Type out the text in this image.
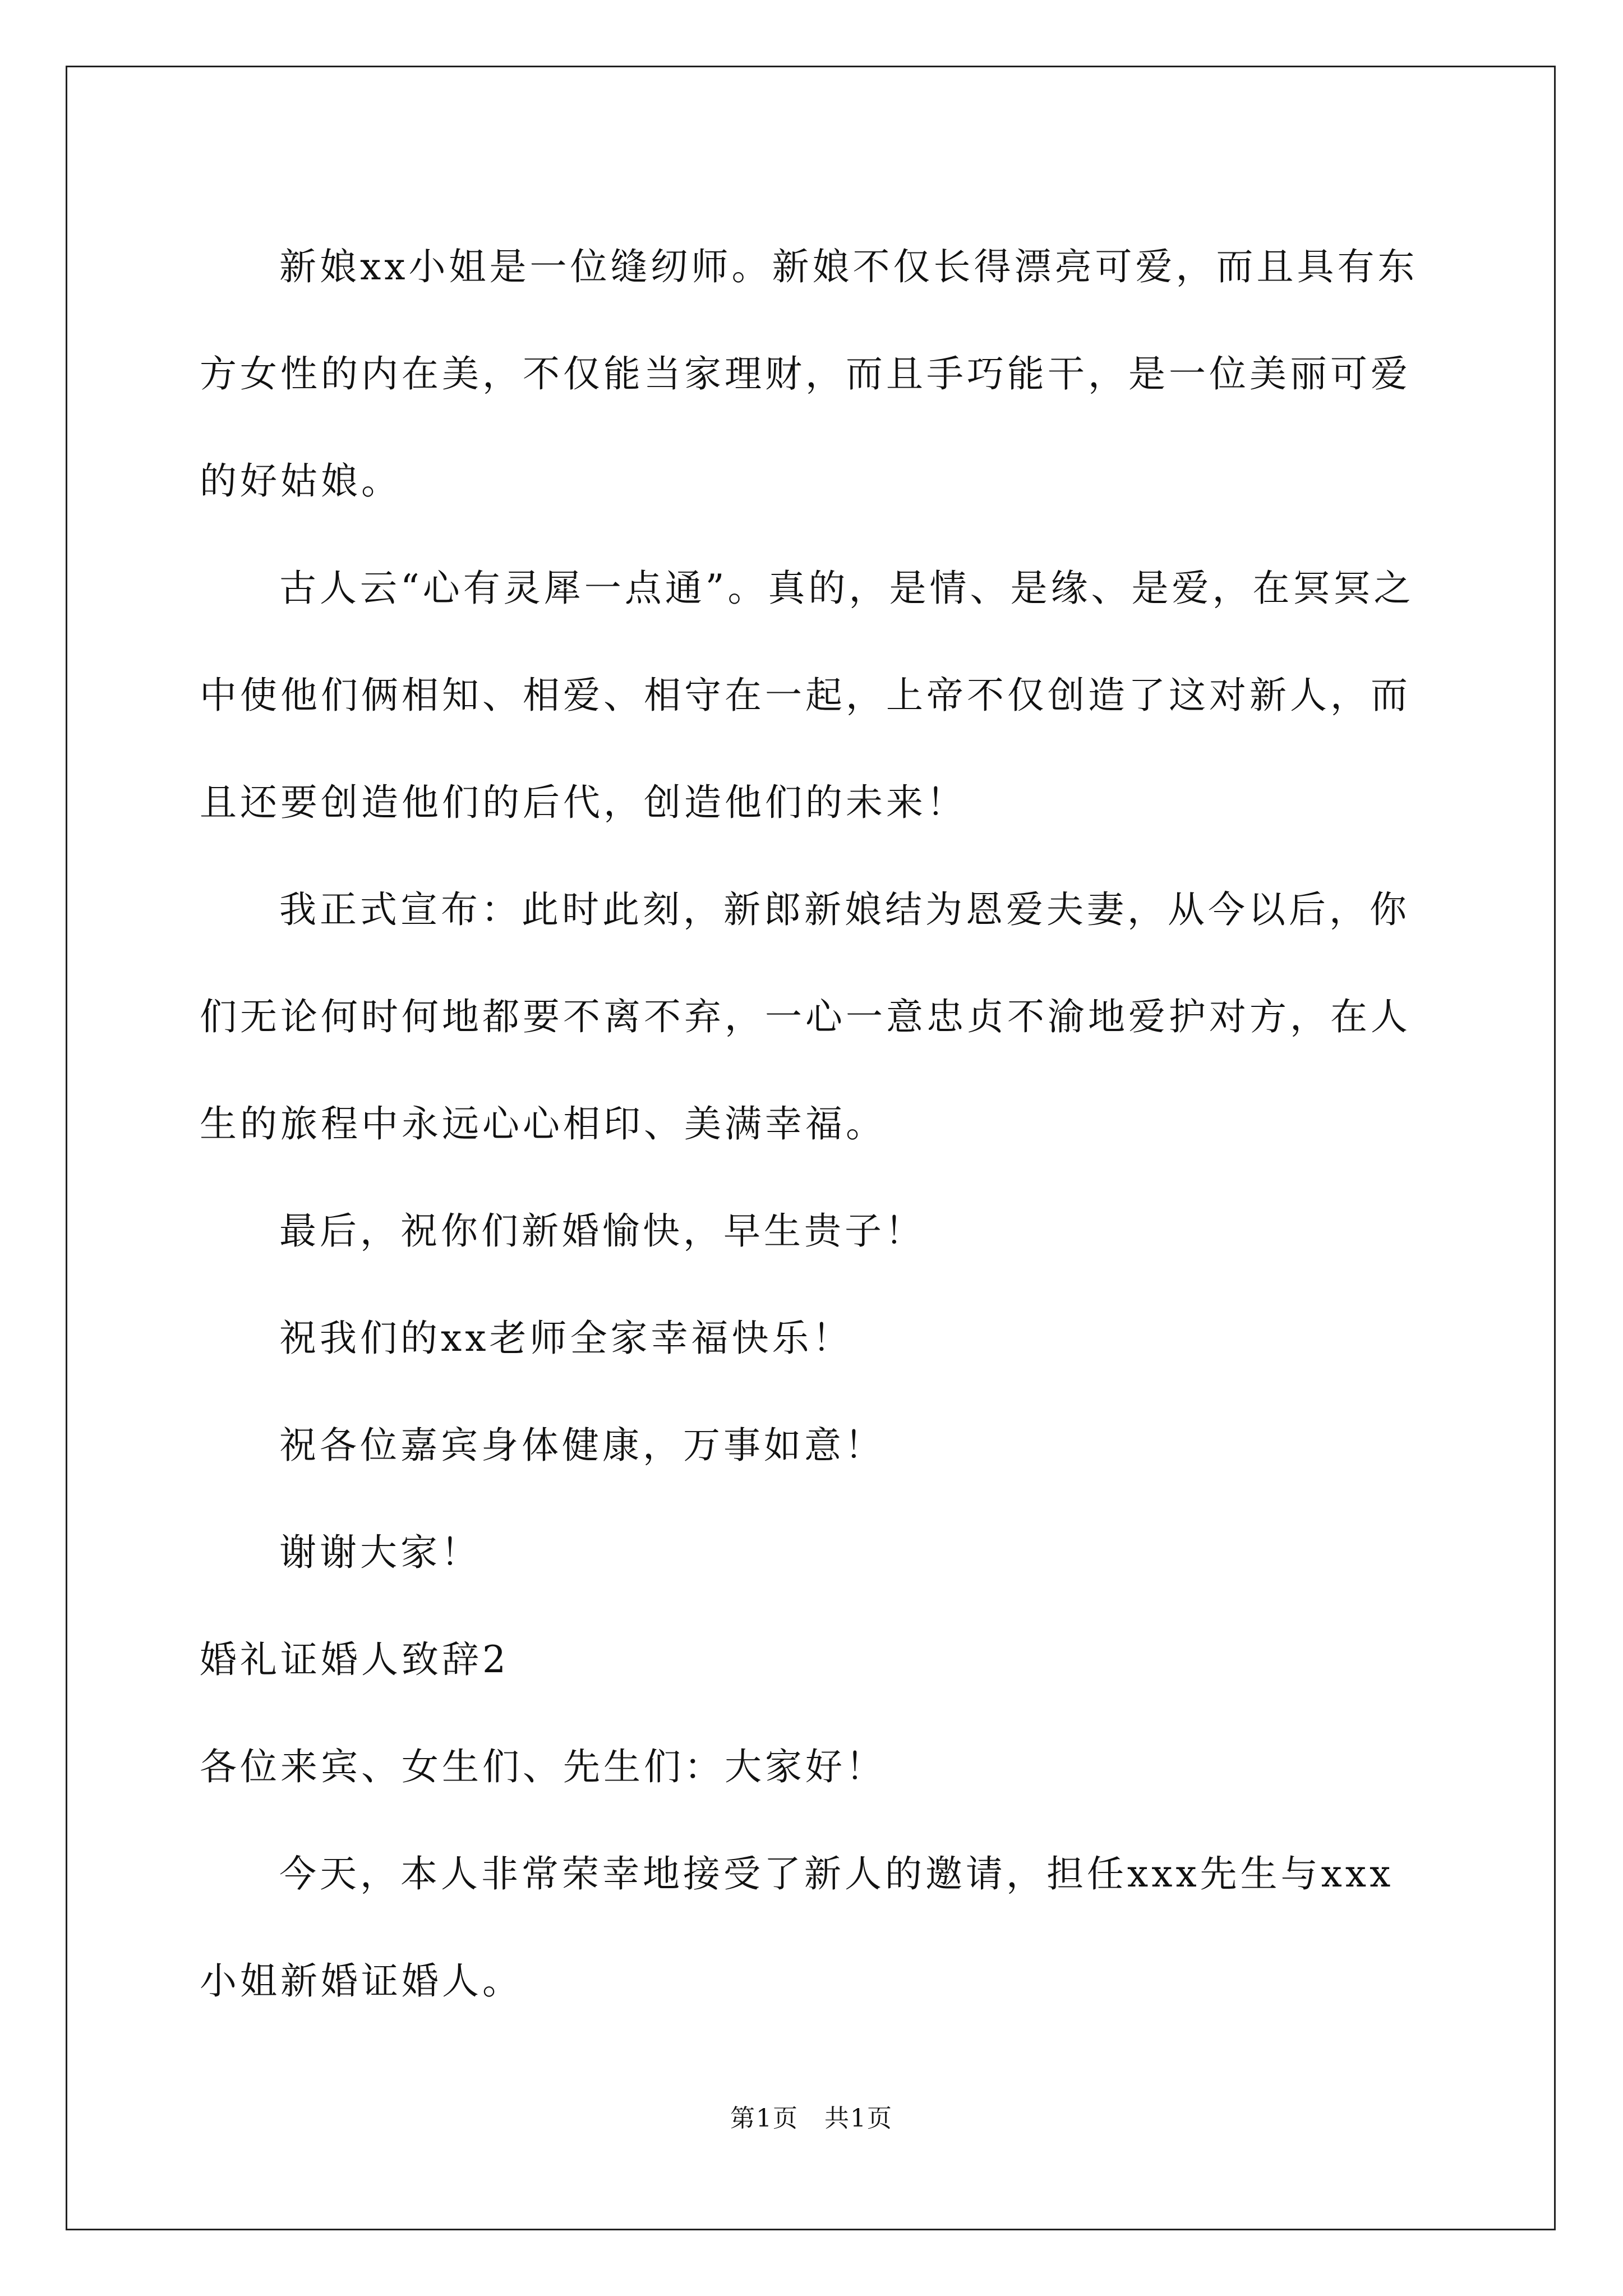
新娘xx小姐是一位缝纫师。新娘不仅长得漂亮可爱，而且具有东方女性的内在美，不仅能当家理财，而且手巧能干，是一位美丽可爱的好姑娘。

古人云“心有灵犀一点通”。真的，是情、是缘、是爱，在冥冥之中使他们俩相知、相爱、相守在一起，上帝不仅创造了这对新人，而且还要创造他们的后代，创造他们的未来！

我正式宣布：此时此刻，新郎新娘结为恩爱夫妻，从今以后，你们无论何时何地都要不离不弃，一心一意忠贞不渝地爱护对方，在人生的旅程中永远心心相印、美满幸福。

最后，祝你们新婚愉快，早生贵子！

祝我们的xx老师全家幸福快乐！

祝各位嘉宾身体健康，万事如意！

谢谢大家！

婚礼证婚人致辞2

各位来宾、女生们、先生们：大家好！

今天，本人非常荣幸地接受了新人的邀请，担任xxx先生与xxx小姐新婚证婚人。

第1页　共1页
